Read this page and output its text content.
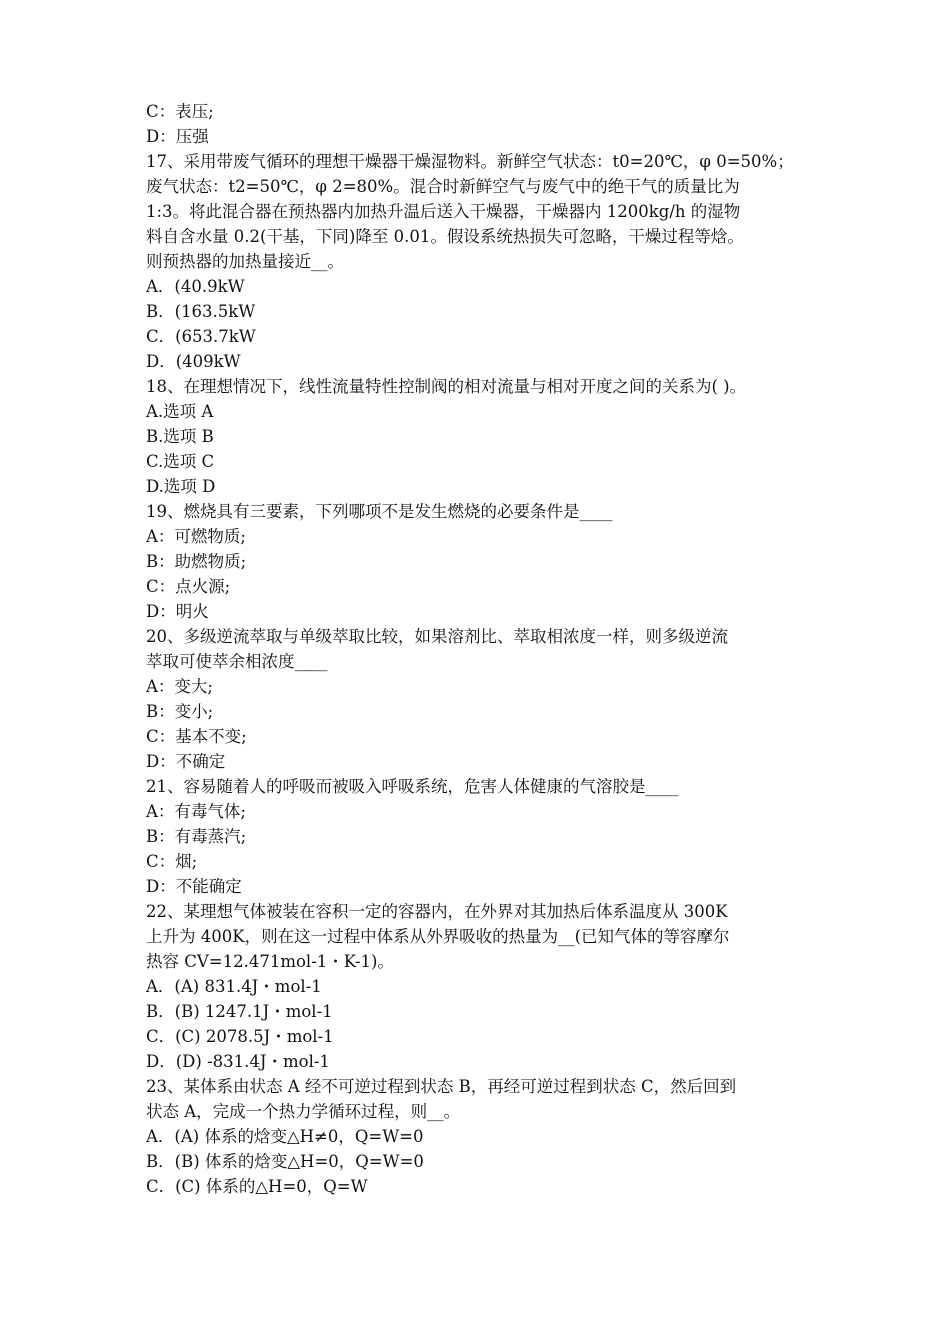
C：表压;
D：压强
17、采用带废气循环的理想干燥器干燥湿物料。新鲜空气状态：t0=20℃，φ 0=50%；
废气状态：t2=50℃，φ 2=80%。混合时新鲜空气与废气中的绝干气的质量比为
1:3。将此混合器在预热器内加热升温后送入干燥器，干燥器内 1200kg/h 的湿物
料自含水量 0.2(干基，下同)降至 0.01。假设系统热损失可忽略，干燥过程等焓。
则预热器的加热量接近__。
A．(40.9kW
B．(163.5kW
C．(653.7kW
D．(409kW
18、在理想情况下，线性流量特性控制阀的相对流量与相对开度之间的关系为( )。
A.选项 A
B.选项 B
C.选项 C
D.选项 D
19、燃烧具有三要素，下列哪项不是发生燃烧的必要条件是____
A：可燃物质;
B：助燃物质;
C：点火源;
D：明火
20、多级逆流萃取与单级萃取比较，如果溶剂比、萃取相浓度一样，则多级逆流
萃取可使萃余相浓度____
A：变大;
B：变小;
C：基本不变;
D：不确定
21、容易随着人的呼吸而被吸入呼吸系统，危害人体健康的气溶胶是____
A：有毒气体;
B：有毒蒸汽;
C：烟;
D：不能确定
22、某理想气体被装在容积一定的容器内，在外界对其加热后体系温度从 300K
上升为 400K，则在这一过程中体系从外界吸收的热量为__(已知气体的等容摩尔
热容 CV=12.471mol-1・K-1)。
A．(A) 831.4J・mol-1
B．(B) 1247.1J・mol-1
C．(C) 2078.5J・mol-1
D．(D) -831.4J・mol-1
23、某体系由状态 A 经不可逆过程到状态 B，再经可逆过程到状态 C，然后回到
状态 A，完成一个热力学循环过程，则__。
A．(A) 体系的焓变△H≠0，Q=W=0
B．(B) 体系的焓变△H=0，Q=W=0
C．(C) 体系的△H=0，Q=W
